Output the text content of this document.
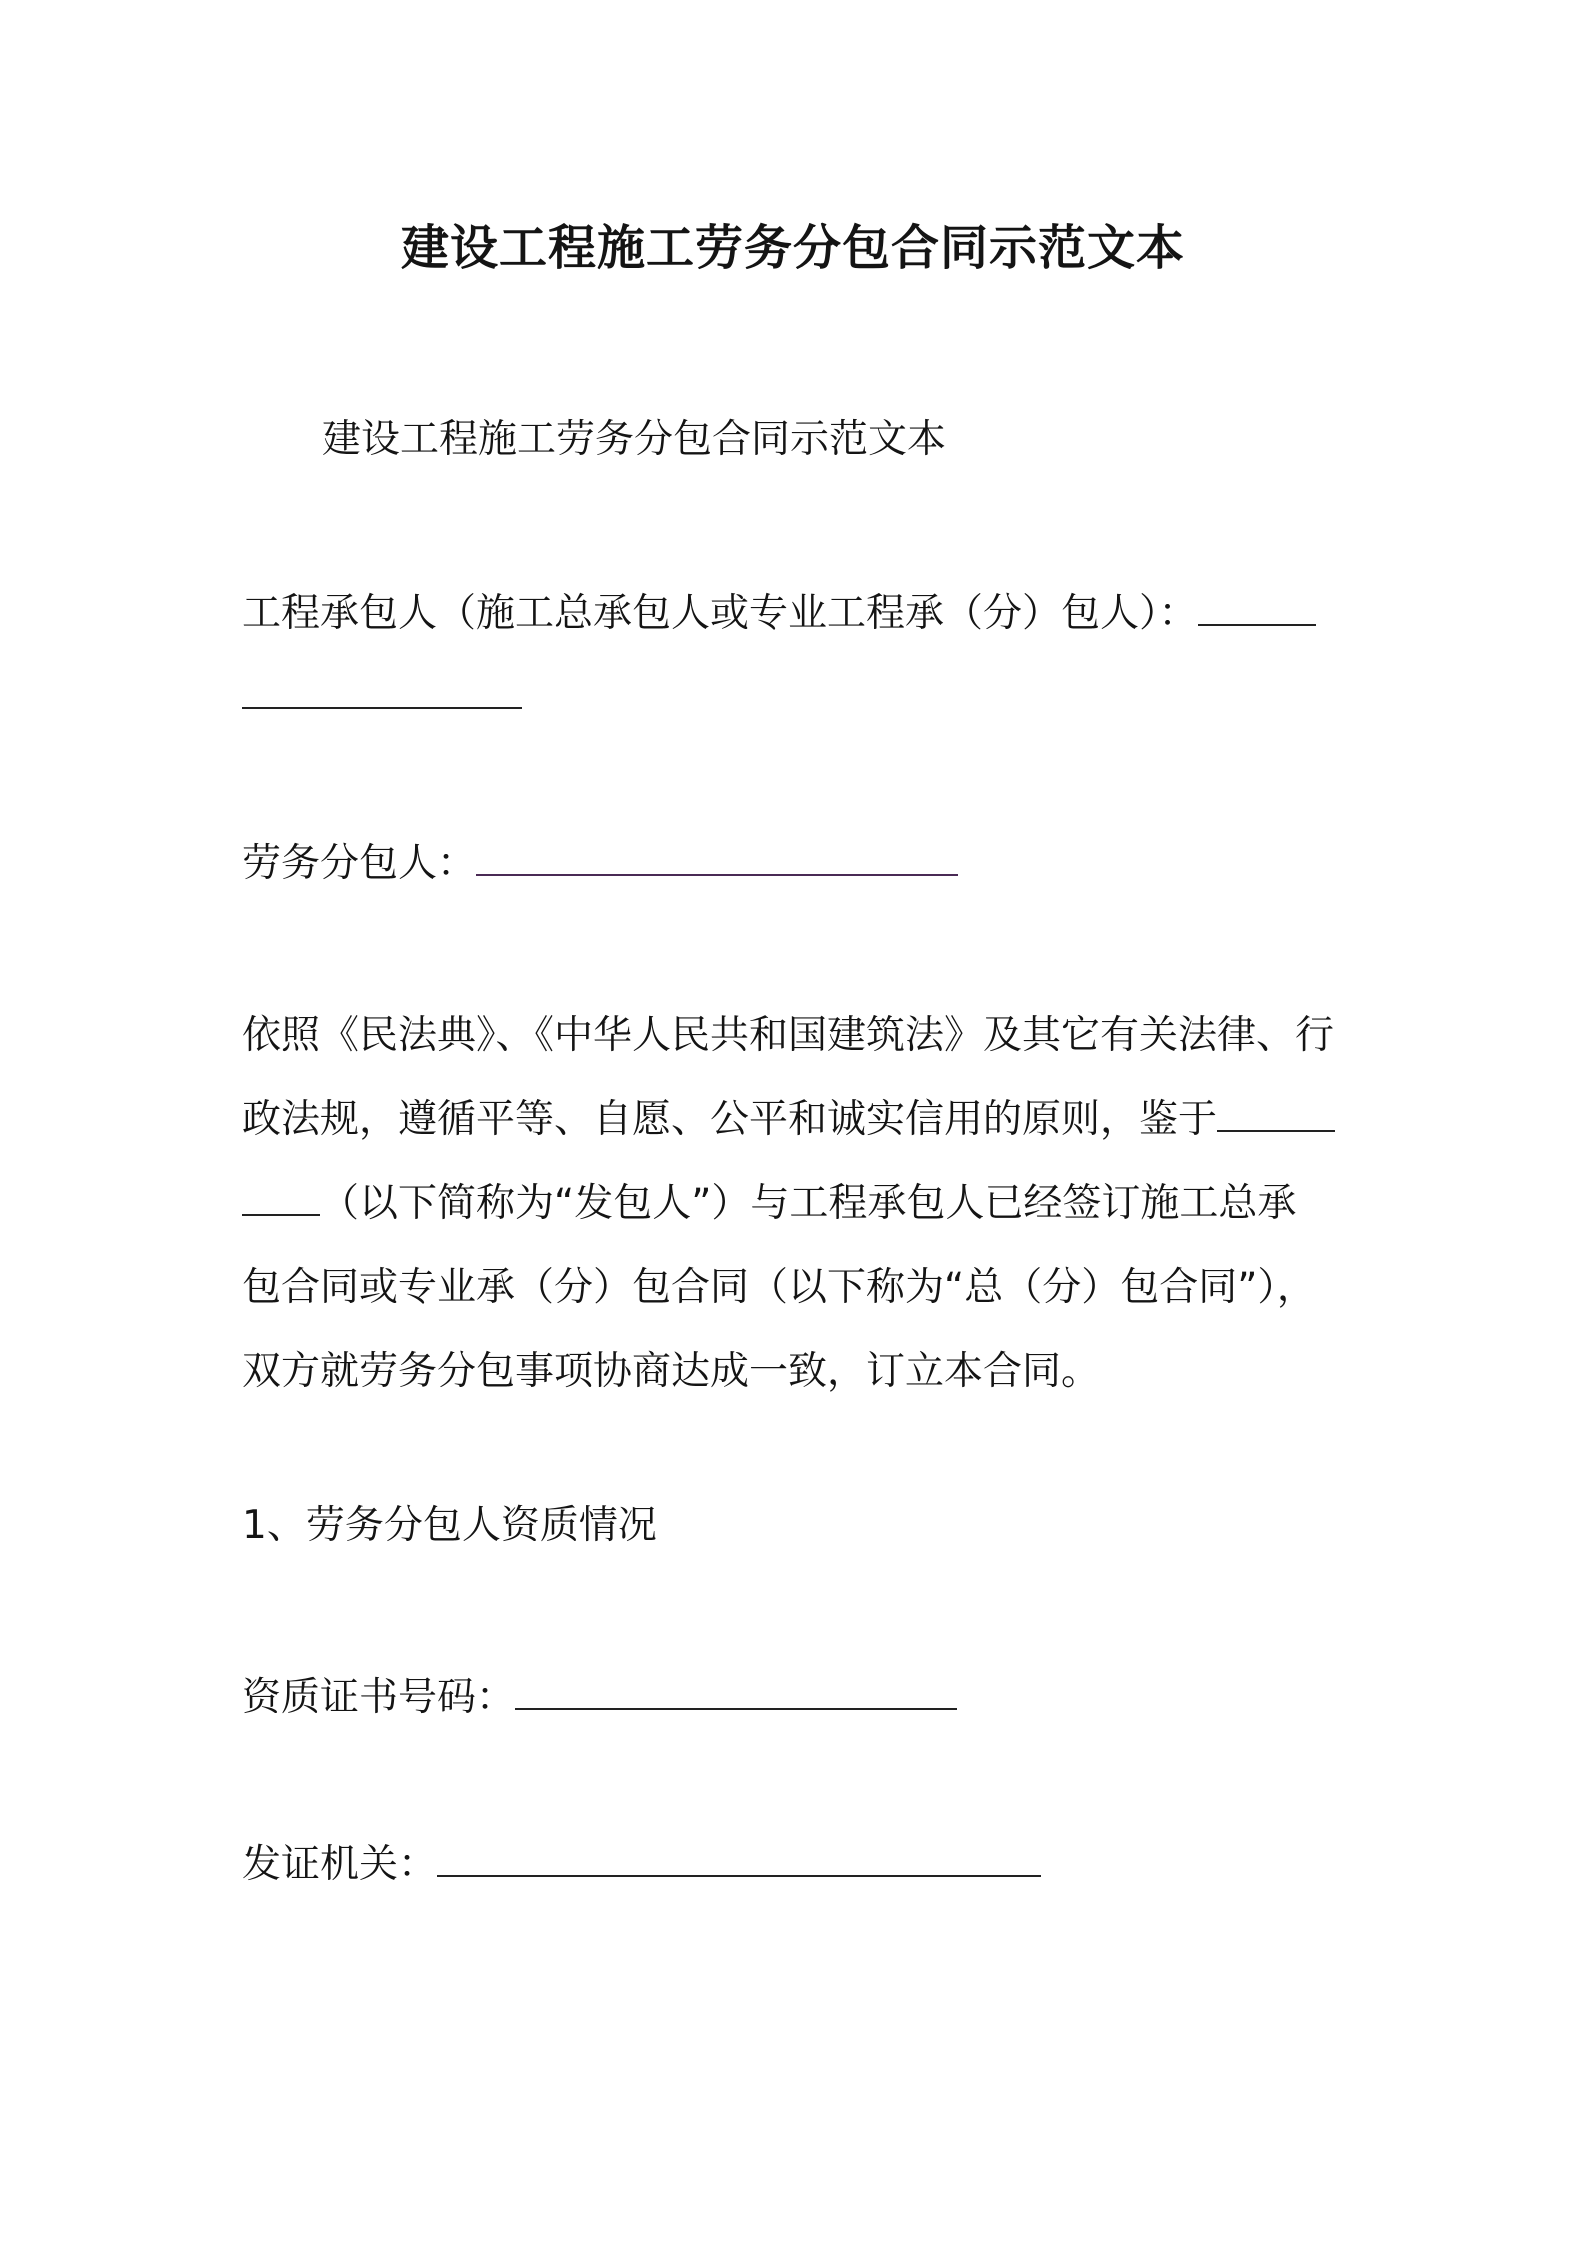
建设工程施工劳务分包合同示范文本
建设工程施工劳务分包合同示范文本
工程承包人（施工总承包人或专业工程承（分）包人）：
劳务分包人：
依照《民法典》、《中华人民共和国建筑法》及其它有关法律、行
政法规，遵循平等、自愿、公平和诚实信用的原则，鉴于
（以下简称为“发包人”）与工程承包人已经签订施工总承
包合同或专业承（分）包合同（以下称为“总（分）包合同”），
双方就劳务分包事项协商达成一致，订立本合同。
1、劳务分包人资质情况
资质证书号码：
发证机关：
